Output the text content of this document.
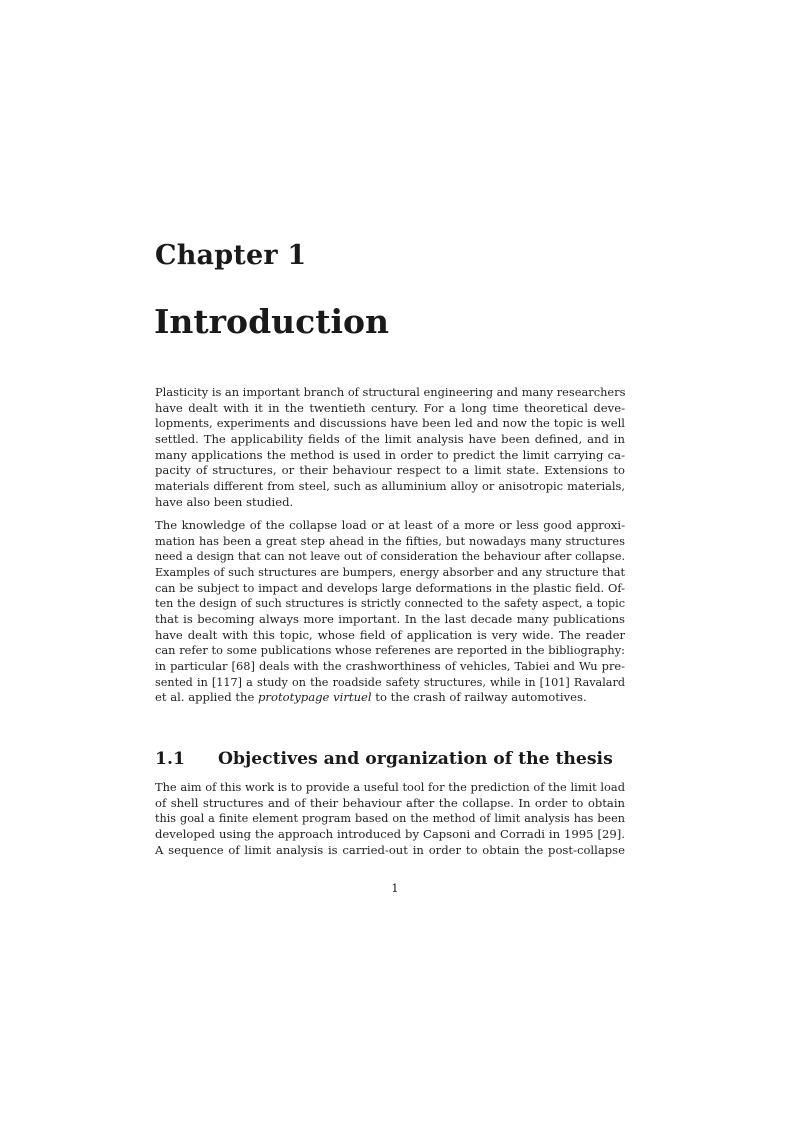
Chapter 1
Introduction

Plasticity is an important branch of structural engineering and many researchers
have dealt with it in the twentieth century. For a long time theoretical deve-
lopments, experiments and discussions have been led and now the topic is well
settled. The applicability fields of the limit analysis have been defined, and in
many applications the method is used in order to predict the limit carrying ca-
pacity of structures, or their behaviour respect to a limit state. Extensions to
materials different from steel, such as alluminium alloy or anisotropic materials,
have also been studied.

The knowledge of the collapse load or at least of a more or less good approxi-
mation has been a great step ahead in the fifties, but nowadays many structures
need a design that can not leave out of consideration the behaviour after collapse.
Examples of such structures are bumpers, energy absorber and any structure that
can be subject to impact and develops large deformations in the plastic field. Of-
ten the design of such structures is strictly connected to the safety aspect, a topic
that is becoming always more important. In the last decade many publications
have dealt with this topic, whose field of application is very wide. The reader
can refer to some publications whose referenes are reported in the bibliography:
in particular [68] deals with the crashworthiness of vehicles, Tabiei and Wu pre-
sented in [117] a study on the roadside safety structures, while in [101] Ravalard
et al. applied the prototypage virtuel to the crash of railway automotives.

1.1 Objectives and organization of the thesis

The aim of this work is to provide a useful tool for the prediction of the limit load
of shell structures and of their behaviour after the collapse. In order to obtain
this goal a finite element program based on the method of limit analysis has been
developed using the approach introduced by Capsoni and Corradi in 1995 [29].
A sequence of limit analysis is carried-out in order to obtain the post-collapse

1
